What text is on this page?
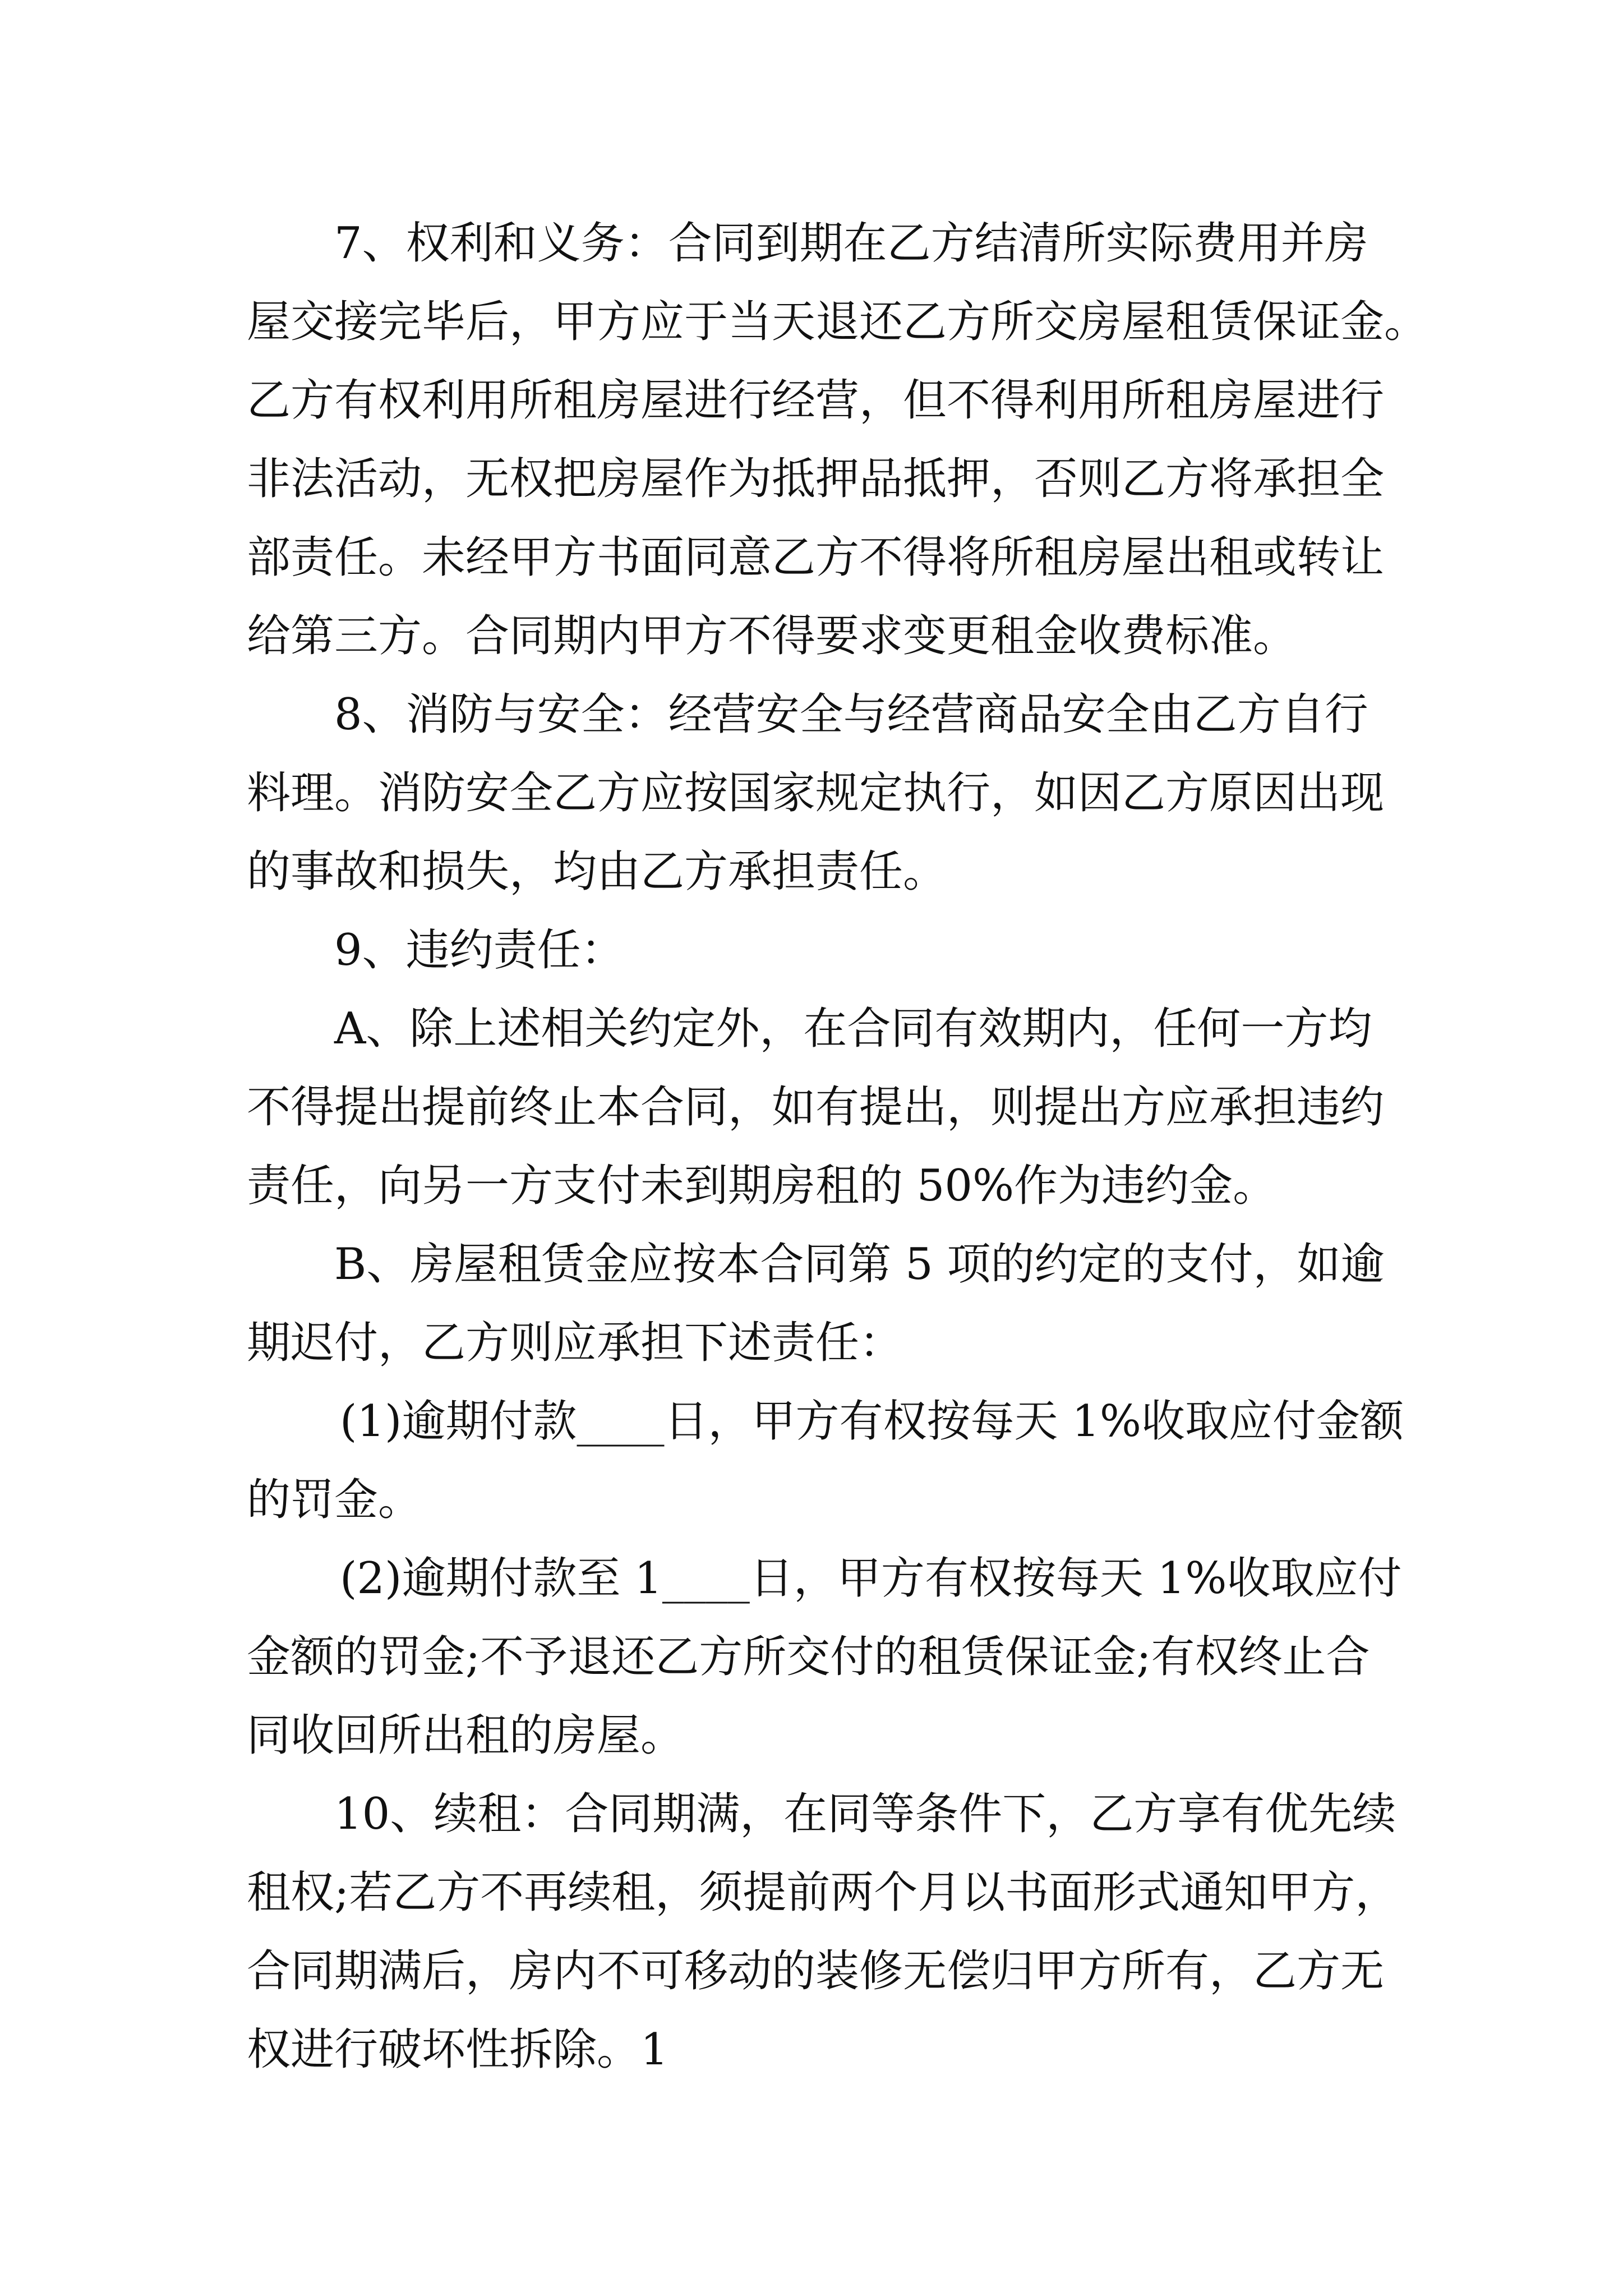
7、权利和义务：合同到期在乙方结清所实际费用并房

屋交接完毕后，甲方应于当天退还乙方所交房屋租赁保证金。

乙方有权利用所租房屋进行经营，但不得利用所租房屋进行

非法活动，无权把房屋作为抵押品抵押，否则乙方将承担全

部责任。未经甲方书面同意乙方不得将所租房屋出租或转让

给第三方。合同期内甲方不得要求变更租金收费标准。

8、消防与安全：经营安全与经营商品安全由乙方自行

料理。消防安全乙方应按国家规定执行，如因乙方原因出现

的事故和损失，均由乙方承担责任。

9、违约责任：

A、除上述相关约定外，在合同有效期内，任何一方均

不得提出提前终止本合同，如有提出，则提出方应承担违约

责任，向另一方支付未到期房租的 50%作为违约金。

B、房屋租赁金应按本合同第 5 项的约定的支付，如逾

期迟付，乙方则应承担下述责任：

(1)逾期付款____日，甲方有权按每天 1%收取应付金额

的罚金。

(2)逾期付款至 1____日，甲方有权按每天 1%收取应付

金额的罚金;不予退还乙方所交付的租赁保证金;有权终止合

同收回所出租的房屋。

10、续租：合同期满，在同等条件下，乙方享有优先续

租权;若乙方不再续租，须提前两个月以书面形式通知甲方，

合同期满后，房内不可移动的装修无偿归甲方所有，乙方无

权进行破坏性拆除。1
